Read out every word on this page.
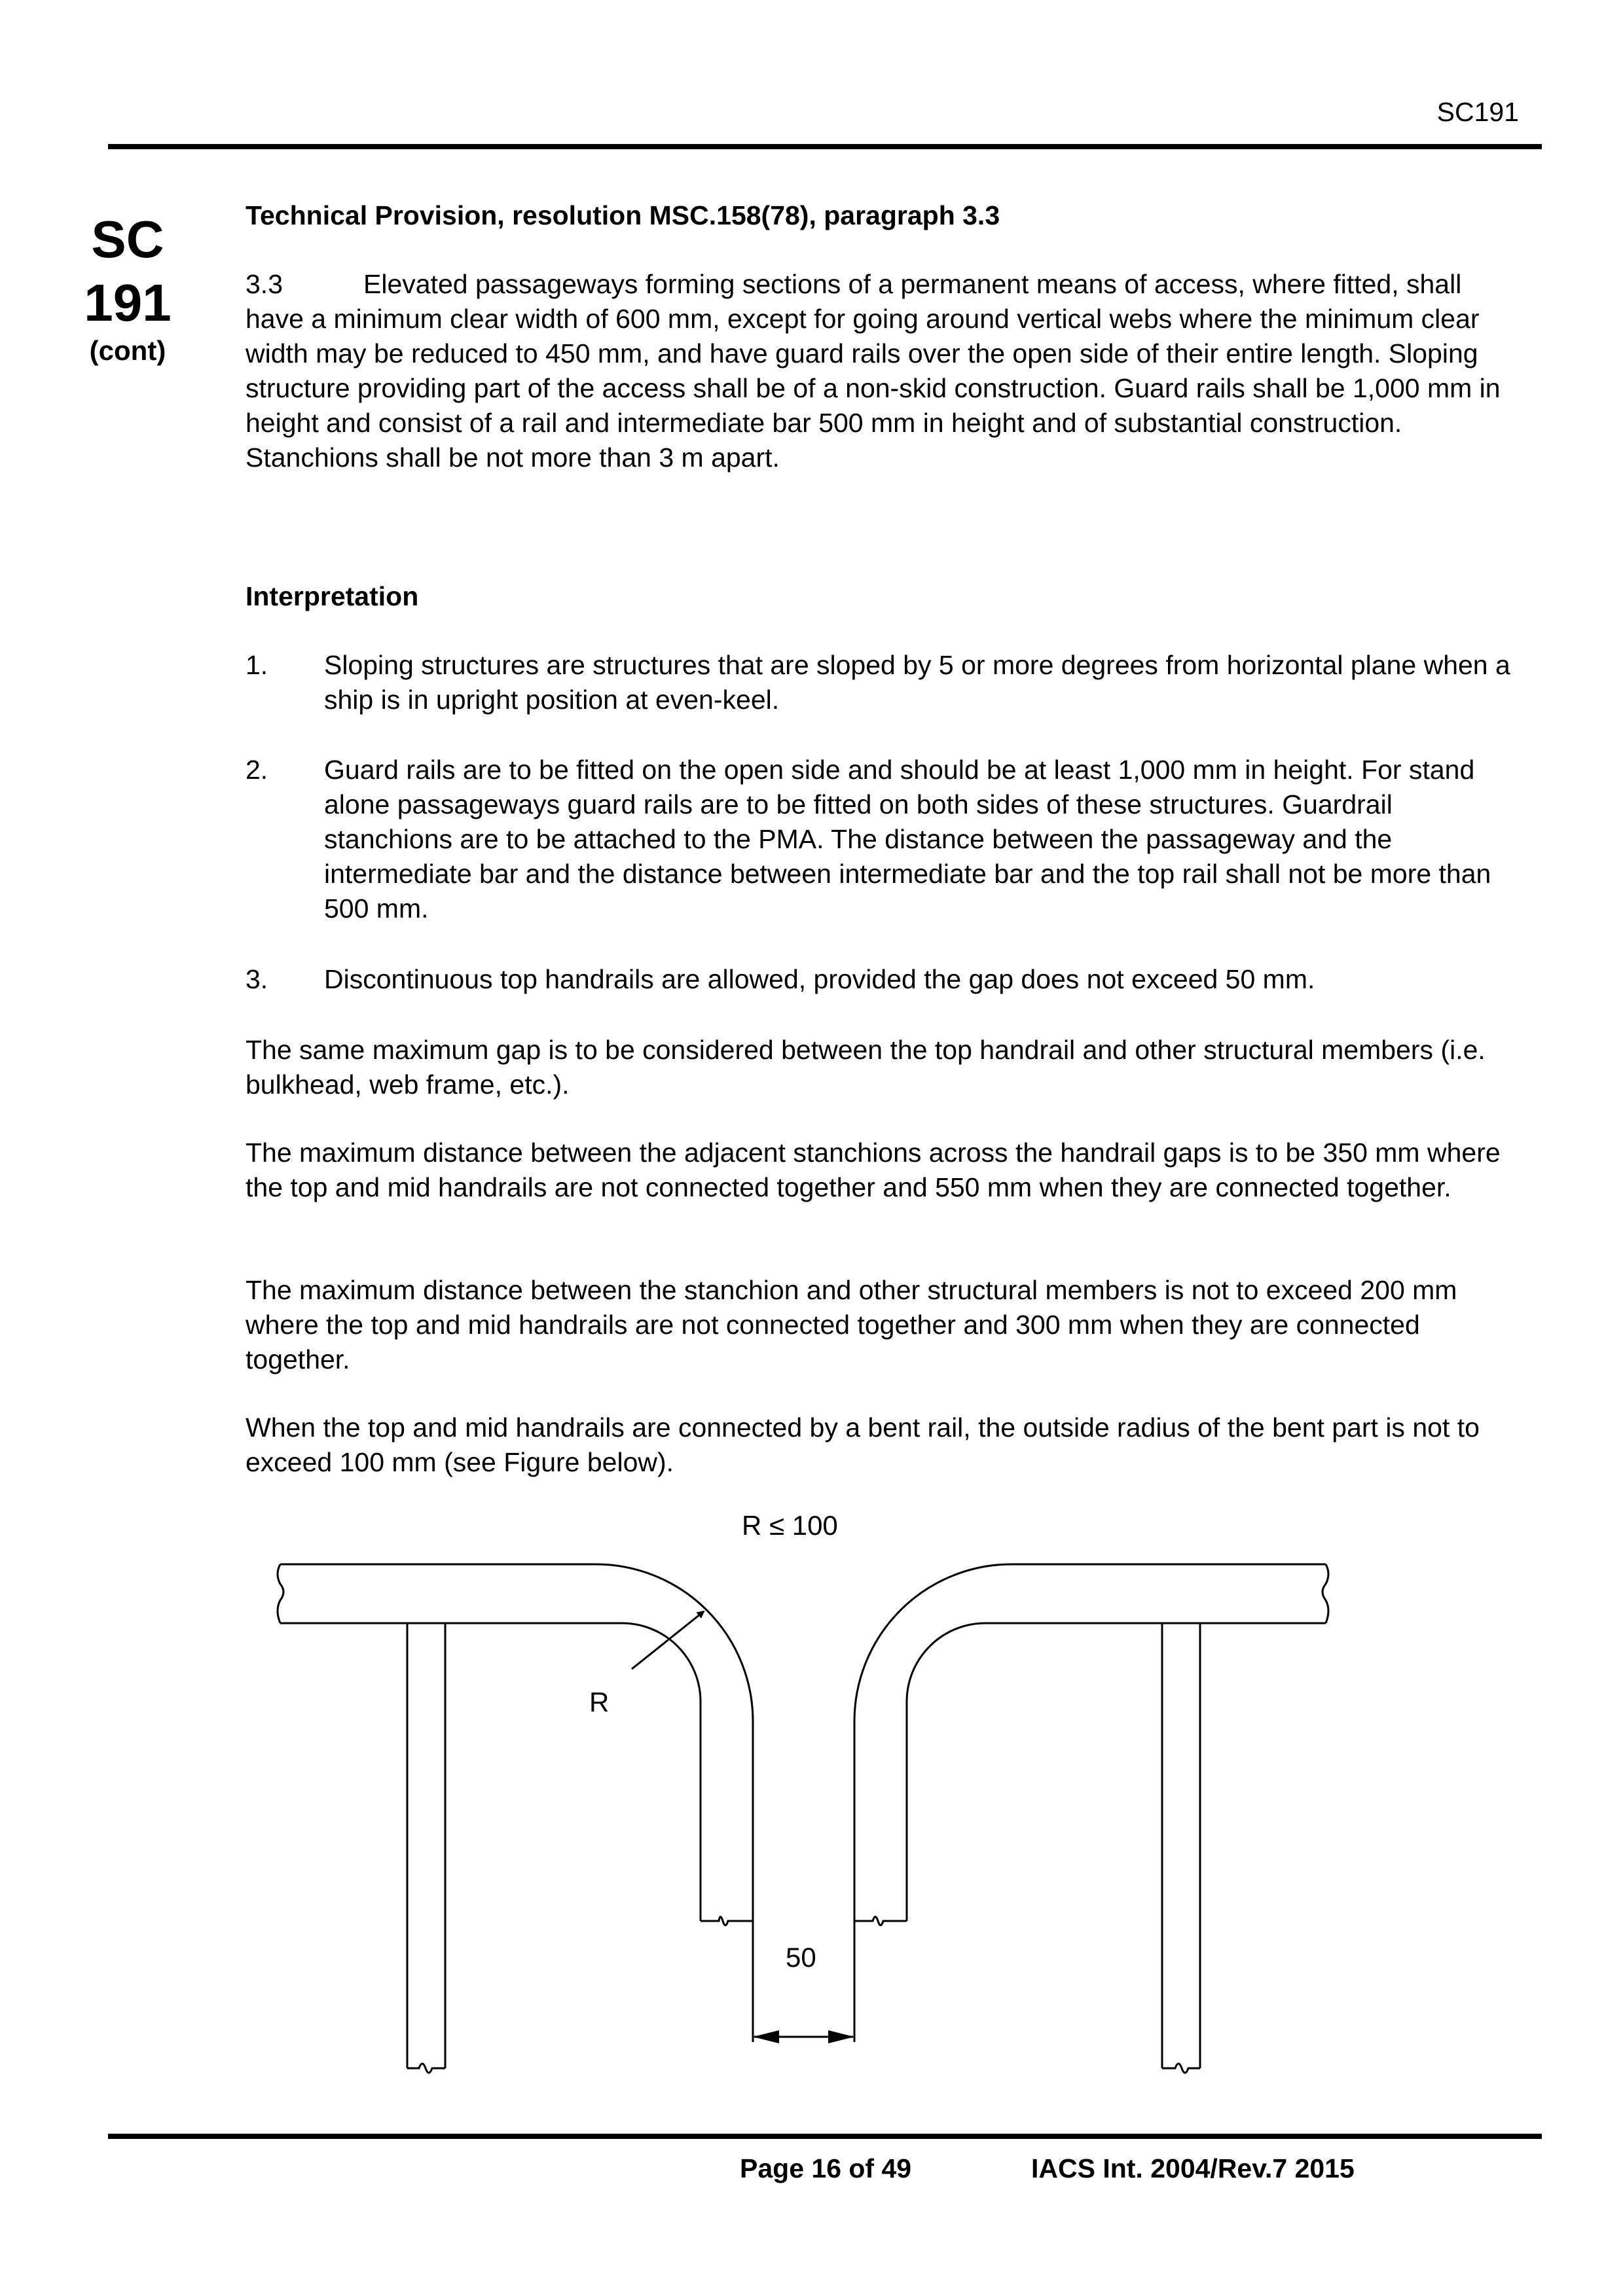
SC191
SC
191
(cont)
Technical Provision, resolution MSC.158(78), paragraph 3.3
3.3	Elevated passageways forming sections of a permanent means of access, where fitted, shall have a minimum clear width of 600 mm, except for going around vertical webs where the minimum clear width may be reduced to 450 mm, and have guard rails over the open side of their entire length. Sloping structure providing part of the access shall be of a non-skid construction. Guard rails shall be 1,000 mm in height and consist of a rail and intermediate bar 500 mm in height and of substantial construction. Stanchions shall be not more than 3 m apart.
Interpretation
1. Sloping structures are structures that are sloped by 5 or more degrees from horizontal plane when a ship is in upright position at even-keel.
2. Guard rails are to be fitted on the open side and should be at least 1,000 mm in height. For stand alone passageways guard rails are to be fitted on both sides of these structures. Guardrail stanchions are to be attached to the PMA. The distance between the passageway and the intermediate bar and the distance between intermediate bar and the top rail shall not be more than 500 mm.
3. Discontinuous top handrails are allowed, provided the gap does not exceed 50 mm.
The same maximum gap is to be considered between the top handrail and other structural members (i.e. bulkhead, web frame, etc.).
The maximum distance between the adjacent stanchions across the handrail gaps is to be 350 mm where the top and mid handrails are not connected together and 550 mm when they are connected together.
The maximum distance between the stanchion and other structural members is not to exceed 200 mm where the top and mid handrails are not connected together and 300 mm when they are connected together.
When the top and mid handrails are connected by a bent rail, the outside radius of the bent part is not to exceed 100 mm (see Figure below).
R ≤ 100
R
50
Page 16 of 49	IACS Int. 2004/Rev.7 2015
